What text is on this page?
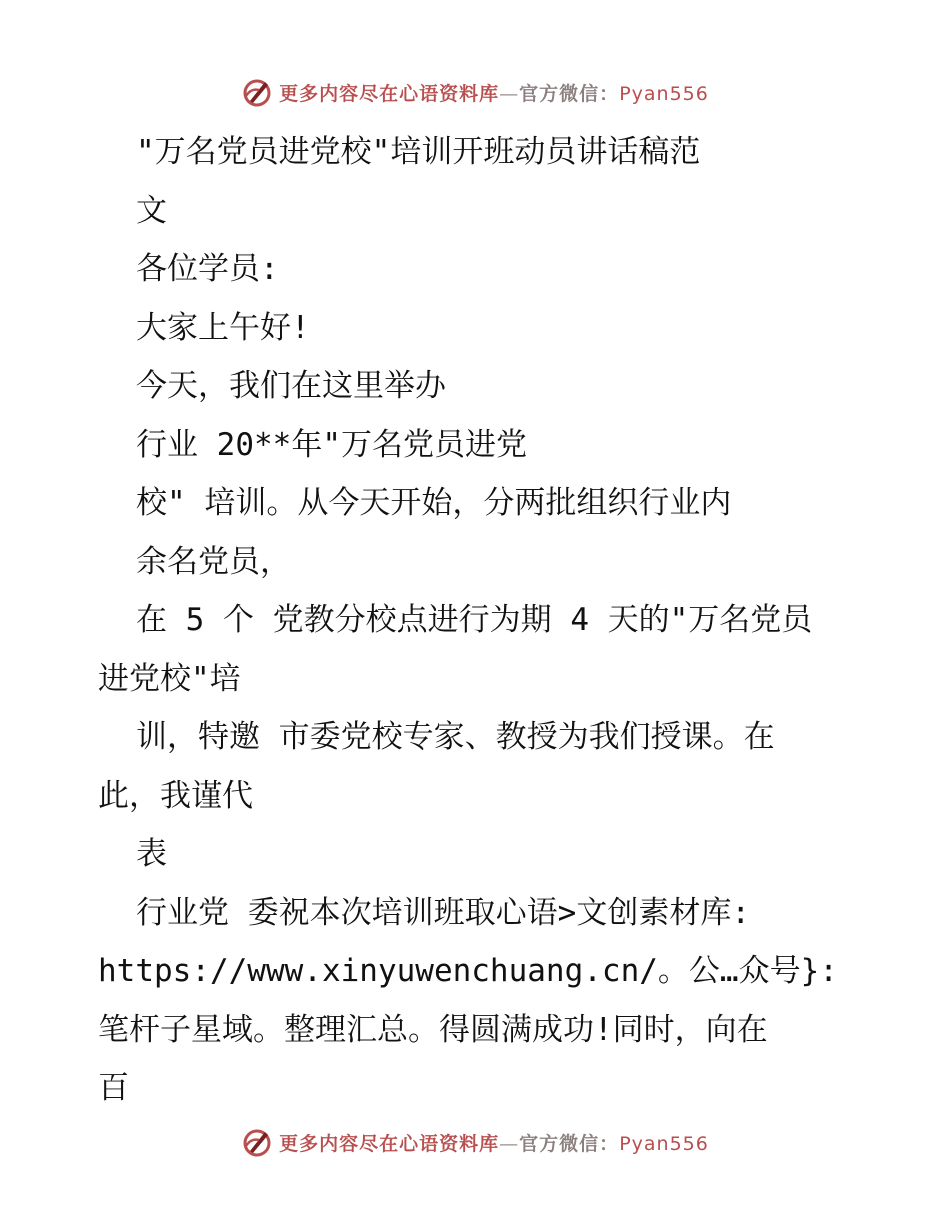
更多内容尽在心语资料库—官方微信：Pyan556
"万名党员进党校"培训开班动员讲话稿范
文
各位学员:
大家上午好!
今天，我们在这里举办
行业 20**年"万名党员进党
校" 培训。从今天开始，分两批组织行业内
余名党员，
在 5 个 党教分校点进行为期 4 天的"万名党员
进党校"培
训，特邀 市委党校专家、教授为我们授课。在
此，我谨代
表
行业党 委祝本次培训班取心语>文创素材库:
https://www.xinyuwenchuang.cn/。公…众号}:
笔杆子星域。整理汇总。得圆满成功!同时，向在
百
更多内容尽在心语资料库—官方微信：Pyan556
